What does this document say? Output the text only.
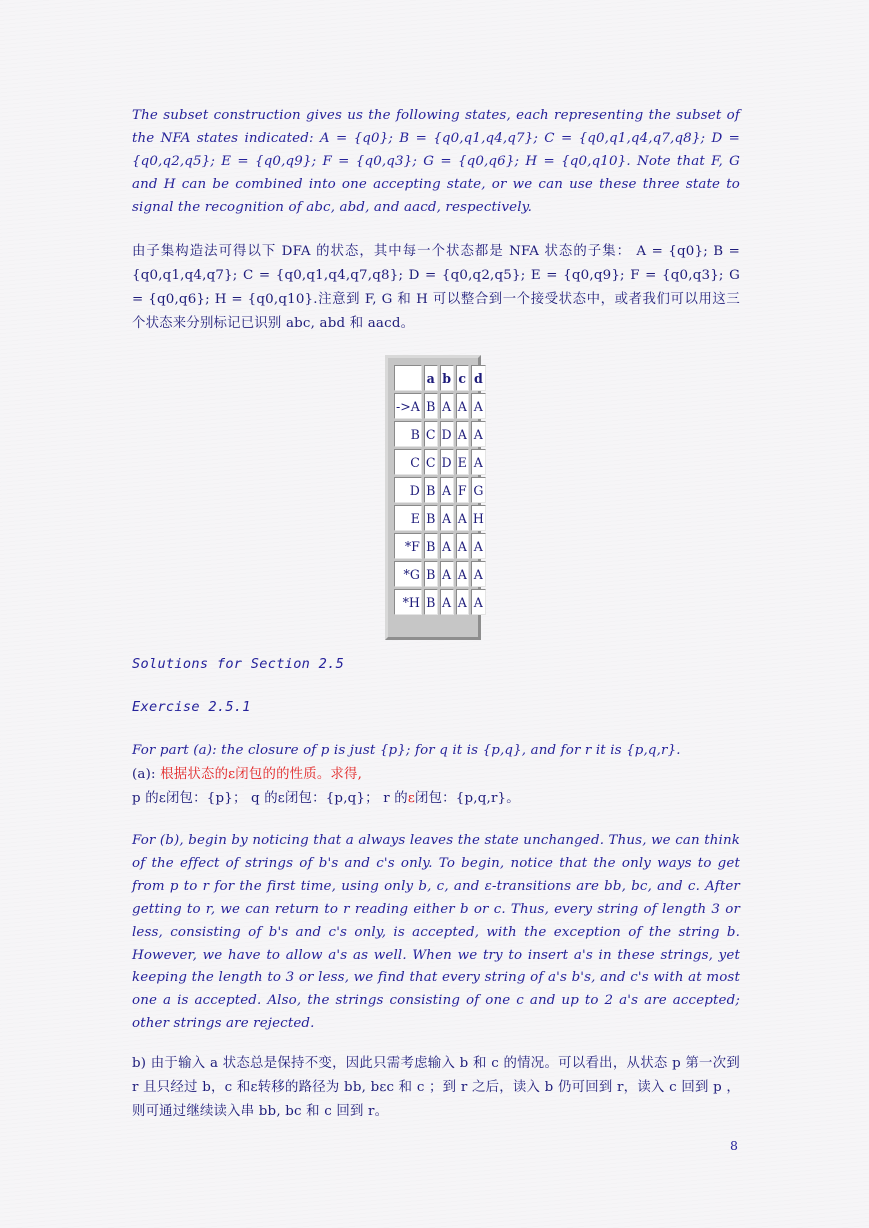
The subset construction gives us the following states, each representing the subset of the NFA states indicated: A = {q0}; B = {q0,q1,q4,q7}; C = {q0,q1,q4,q7,q8}; D = {q0,q2,q5}; E = {q0,q9}; F = {q0,q3}; G = {q0,q6}; H = {q0,q10}. Note that F, G and H can be combined into one accepting state, or we can use these three state to signal the recognition of abc, abd, and aacd, respectively.

由子集构造法可得以下 DFA 的状态，其中每一个状态都是 NFA 状态的子集： A = {q0}; B = {q0,q1,q4,q7}; C = {q0,q1,q4,q7,q8}; D = {q0,q2,q5}; E = {q0,q9}; F = {q0,q3}; G = {q0,q6}; H = {q0,q10}.注意到 F, G 和 H 可以整合到一个接受状态中，或者我们可以用这三个状态来分别标记已识别 abc, abd 和 aacd。

	a	b	c	d
->A	B	A	A	A
B	C	D	A	A
C	C	D	E	A
D	B	A	F	G
E	B	A	A	H
*F	B	A	A	A
*G	B	A	A	A
*H	B	A	A	A
Solutions for Section 2.5
Exercise 2.5.1

For part (a): the closure of p is just {p}; for q it is {p,q}, and for r it is {p,q,r}.

(a): 根据状态的ε闭包的的性质。求得,

p 的ε闭包：{p}； q 的ε闭包：{p,q}； r 的ε闭包：{p,q,r}。

For (b), begin by noticing that a always leaves the state unchanged. Thus, we can think of the effect of strings of b's and c's only. To begin, notice that the only ways to get from p to r for the first time, using only b, c, and ε-transitions are bb, bc, and c. After getting to r, we can return to r reading either b or c. Thus, every string of length 3 or less, consisting of b's and c's only, is accepted, with the exception of the string b. However, we have to allow a's as well. When we try to insert a's in these strings, yet keeping the length to 3 or less, we find that every string of a's b's, and c's with at most one a is accepted. Also, the strings consisting of one c and up to 2 a's are accepted; other strings are rejected.

b) 由于输入 a 状态总是保持不变，因此只需考虑输入 b 和 c 的情况。可以看出，从状态 p 第一次到 r 且只经过 b，c 和ε转移的路径为 bb, bεc 和 c ；到 r 之后，读入 b 仍可回到 r，读入 c 回到 p ，则可通过继续读入串 bb, bc 和 c 回到 r。

8
